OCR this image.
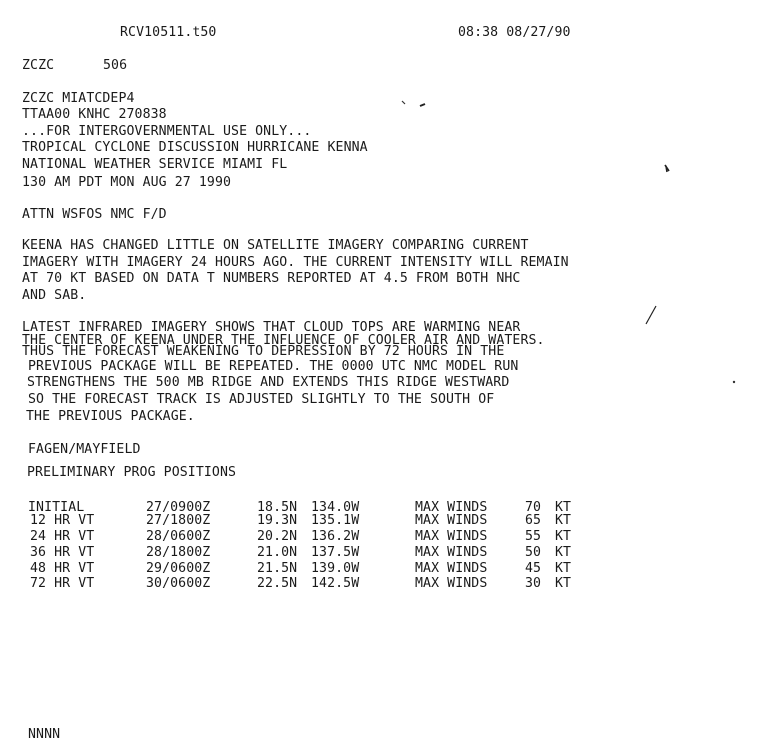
RCV10511.t50	08:38 08/27/90
ZCZC	506
ZCZC MIATCDEP4
TTAA00 KNHC 270838
...FOR INTERGOVERNMENTAL USE ONLY...
TROPICAL CYCLONE DISCUSSION HURRICANE KENNA
NATIONAL WEATHER SERVICE MIAMI FL
130 AM PDT MON AUG 27 1990
ATTN WSFOS NMC F/D
KEENA HAS CHANGED LITTLE ON SATELLITE IMAGERY COMPARING CURRENT
IMAGERY WITH IMAGERY 24 HOURS AGO. THE CURRENT INTENSITY WILL REMAIN
AT 70 KT BASED ON DATA T NUMBERS REPORTED AT 4.5 FROM BOTH NHC
AND SAB.
LATEST INFRARED IMAGERY SHOWS THAT CLOUD TOPS ARE WARMING NEAR
THE CENTER OF KEENA UNDER THE INFLUENCE OF COOLER AIR AND WATERS.
THUS THE FORECAST WEAKENING TO DEPRESSION BY 72 HOURS IN THE
PREVIOUS PACKAGE WILL BE REPEATED. THE 0000 UTC NMC MODEL RUN
STRENGTHENS THE 500 MB RIDGE AND EXTENDS THIS RIDGE WESTWARD
SO THE FORECAST TRACK IS ADJUSTED SLIGHTLY TO THE SOUTH OF
THE PREVIOUS PACKAGE.
FAGEN/MAYFIELD
PRELIMINARY PROG POSITIONS
INITIAL	27/0900Z	18.5N 134.0W	MAX WINDS	70 KT
12 HR VT	27/1800Z	19.3N 135.1W	MAX WINDS	65 KT
24 HR VT	28/0600Z	20.2N 136.2W	MAX WINDS	55 KT
36 HR VT	28/1800Z	21.0N 137.5W	MAX WINDS	50 KT
48 HR VT	29/0600Z	21.5N 139.0W	MAX WINDS	45 KT
72 HR VT	30/0600Z	22.5N 142.5W	MAX WINDS	30 KT
NNNN
